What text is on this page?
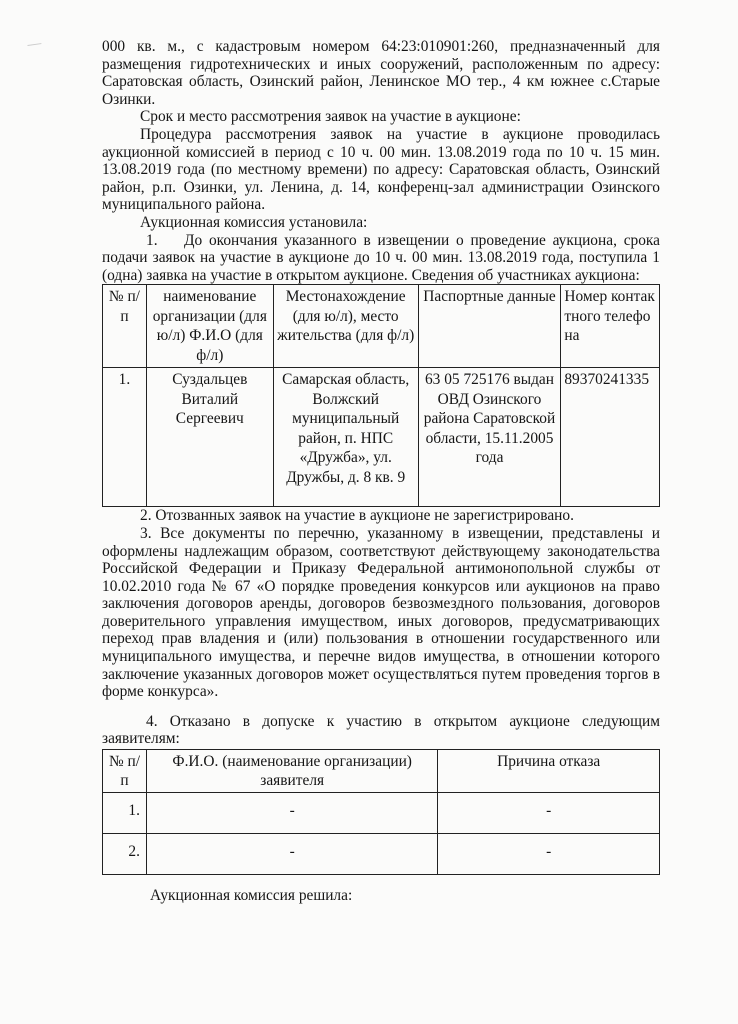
000 кв. м., с кадастровым номером 64:23:010901:260, предназначенный для размещения гидротехнических и иных сооружений, расположенным по адресу: Саратовская область, Озинский район, Ленинское МО тер., 4 км южнее с.Старые Озинки.

Срок и место рассмотрения заявок на участие в аукционе:

Процедура рассмотрения заявок на участие в аукционе проводилась аукционной комиссией в период с 10 ч. 00 мин. 13.08.2019 года по 10 ч. 15 мин. 13.08.2019 года (по местному времени) по адресу: Саратовская область, Озинский район, р.п. Озинки, ул. Ленина, д. 14, конференц-зал администрации Озинского муниципального района.

Аукционная комиссия установила:

1. До окончания указанного в извещении о проведение аукциона, срока подачи заявок на участие в аукционе до 10 ч. 00 мин. 13.08.2019 года, поступила 1 (одна) заявка на участие в открытом аукционе. Сведения об участниках аукциона:

№ п/п	наименование организации (для ю/л) Ф.И.О (для ф/л)	Местонахождение (для ю/л), место жительства (для ф/л)	Паспортные данные	Номер контактного телефона
1.	Суздальцев Виталий Сергеевич	Самарская область, Волжский муниципальный район, п. НПС «Дружба», ул. Дружбы, д. 8 кв. 9	63 05 725176 выдан ОВД Озинского района Саратовской области, 15.11.2005 года	89370241335

2. Отозванных заявок на участие в аукционе не зарегистрировано.

3. Все документы по перечню, указанному в извещении, представлены и оформлены надлежащим образом, соответствуют действующему законодательства Российской Федерации и Приказу Федеральной антимонопольной службы от 10.02.2010 года № 67 «О порядке проведения конкурсов или аукционов на право заключения договоров аренды, договоров безвозмездного пользования, договоров доверительного управления имуществом, иных договоров, предусматривающих переход прав владения и (или) пользования в отношении государственного или муниципального имущества, и перечне видов имущества, в отношении которого заключение указанных договоров может осуществляться путем проведения торгов в форме конкурса».

4. Отказано в допуске к участию в открытом аукционе следующим заявителям:

№ п/п	Ф.И.О. (наименование организации) заявителя	Причина отказа
1.	-	-
2.	-	-

Аукционная комиссия решила:
